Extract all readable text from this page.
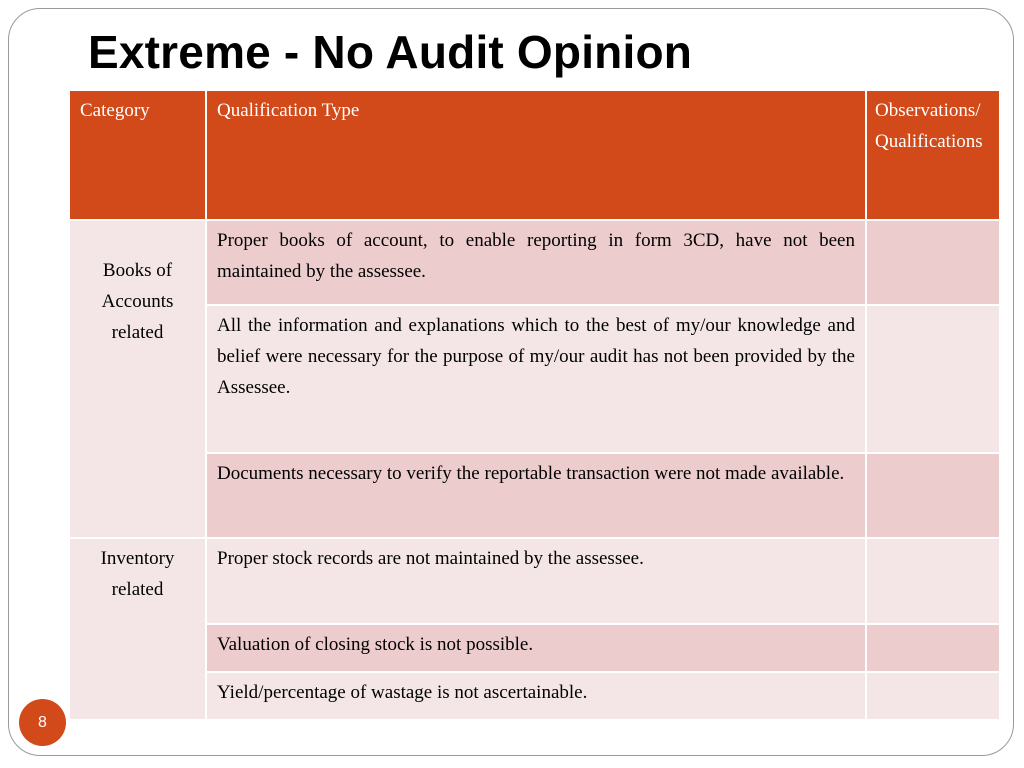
Extreme - No Audit Opinion
Category	Qualification Type	Observations/ Qualifications
Books of Accounts related	Proper books of account, to enable reporting in form 3CD, have not been maintained by the assessee.	
	All the information and explanations which to the best of my/our knowledge and belief were necessary for the purpose of my/our audit has not been provided by the Assessee.	
	Documents necessary to verify the reportable transaction were not made available.	
Inventory related	Proper stock records are not maintained by the assessee.	
	Valuation of closing stock is not possible.	
	Yield/percentage of wastage is not ascertainable.	
8
